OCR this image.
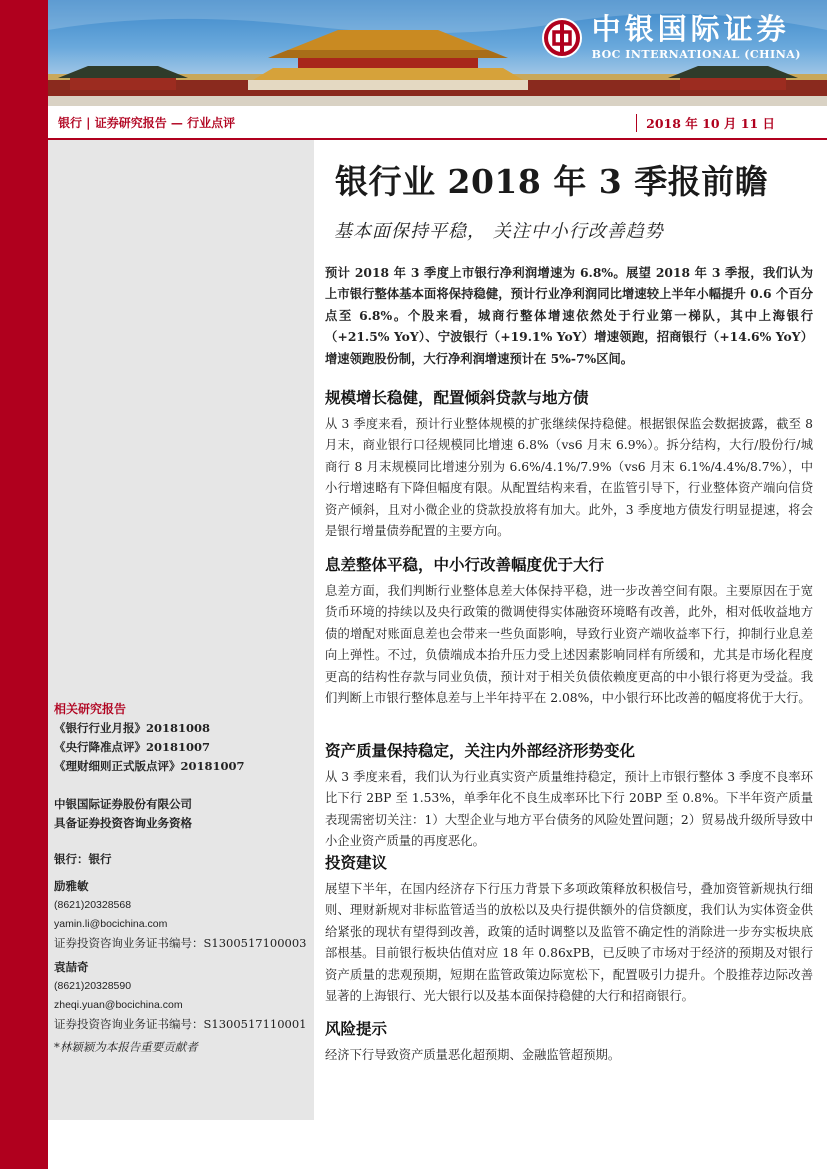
中银国际证券
BOC INTERNATIONAL (CHINA)
银行 | 证券研究报告 — 行业点评	2018 年 10 月 11 日
相关研究报告
《银行行业月报》20181008
《央行降准点评》20181007
《理财细则正式版点评》20181007
中银国际证券股份有限公司
具备证券投资咨询业务资格
银行：银行
励雅敏
(8621)20328568
yamin.li@bocichina.com
证券投资咨询业务证书编号：S1300517100003
袁喆奇
(8621)20328590
zheqi.yuan@bocichina.com
证券投资咨询业务证书编号：S1300517110001
*林颖颖为本报告重要贡献者
银行业 2018 年 3 季报前瞻
基本面保持平稳， 关注中小行改善趋势
预计 2018 年 3 季度上市银行净利润增速为 6.8%。展望 2018 年 3 季报，我们认为上市银行整体基本面将保持稳健，预计行业净利润同比增速较上半年小幅提升 0.6 个百分点至 6.8%。个股来看，城商行整体增速依然处于行业第一梯队，其中上海银行（+21.5% YoY）、宁波银行（+19.1% YoY）增速领跑，招商银行（+14.6% YoY）增速领跑股份制，大行净利润增速预计在 5%-7%区间。
规模增长稳健，配置倾斜贷款与地方债
从 3 季度来看，预计行业整体规模的扩张继续保持稳健。根据银保监会数据披露，截至 8 月末，商业银行口径规模同比增速 6.8%（vs6 月末 6.9%）。拆分结构，大行/股份行/城商行 8 月末规模同比增速分别为 6.6%/4.1%/7.9%（vs6 月末 6.1%/4.4%/8.7%），中小行增速略有下降但幅度有限。从配置结构来看，在监管引导下，行业整体资产端向信贷资产倾斜，且对小微企业的贷款投放将有加大。此外，3 季度地方债发行明显提速，将会是银行增量债券配置的主要方向。
息差整体平稳，中小行改善幅度优于大行
息差方面，我们判断行业整体息差大体保持平稳，进一步改善空间有限。主要原因在于宽货币环境的持续以及央行政策的微调使得实体融资环境略有改善，此外，相对低收益地方债的增配对账面息差也会带来一些负面影响，导致行业资产端收益率下行，抑制行业息差向上弹性。不过，负债端成本抬升压力受上述因素影响同样有所缓和，尤其是市场化程度更高的结构性存款与同业负债，预计对于相关负债依赖度更高的中小银行将更为受益。我们判断上市银行整体息差与上半年持平在 2.08%，中小银行环比改善的幅度将优于大行。
资产质量保持稳定，关注内外部经济形势变化
从 3 季度来看，我们认为行业真实资产质量维持稳定，预计上市银行整体 3 季度不良率环比下行 2BP 至 1.53%，单季年化不良生成率环比下行 20BP 至 0.8%。下半年资产质量表现需密切关注：1）大型企业与地方平台债务的风险处置问题；2）贸易战升级所导致中小企业资产质量的再度恶化。
投资建议
展望下半年，在国内经济存下行压力背景下多项政策释放积极信号，叠加资管新规执行细则、理财新规对非标监管适当的放松以及央行提供额外的信贷额度，我们认为实体资金供给紧张的现状有望得到改善，政策的适时调整以及监管不确定性的消除进一步夯实板块底部根基。目前银行板块估值对应 18 年 0.86xPB，已反映了市场对于经济的预期及对银行资产质量的悲观预期，短期在监管政策边际宽松下，配置吸引力提升。个股推荐边际改善显著的上海银行、光大银行以及基本面保持稳健的大行和招商银行。
风险提示
经济下行导致资产质量恶化超预期、金融监管超预期。
